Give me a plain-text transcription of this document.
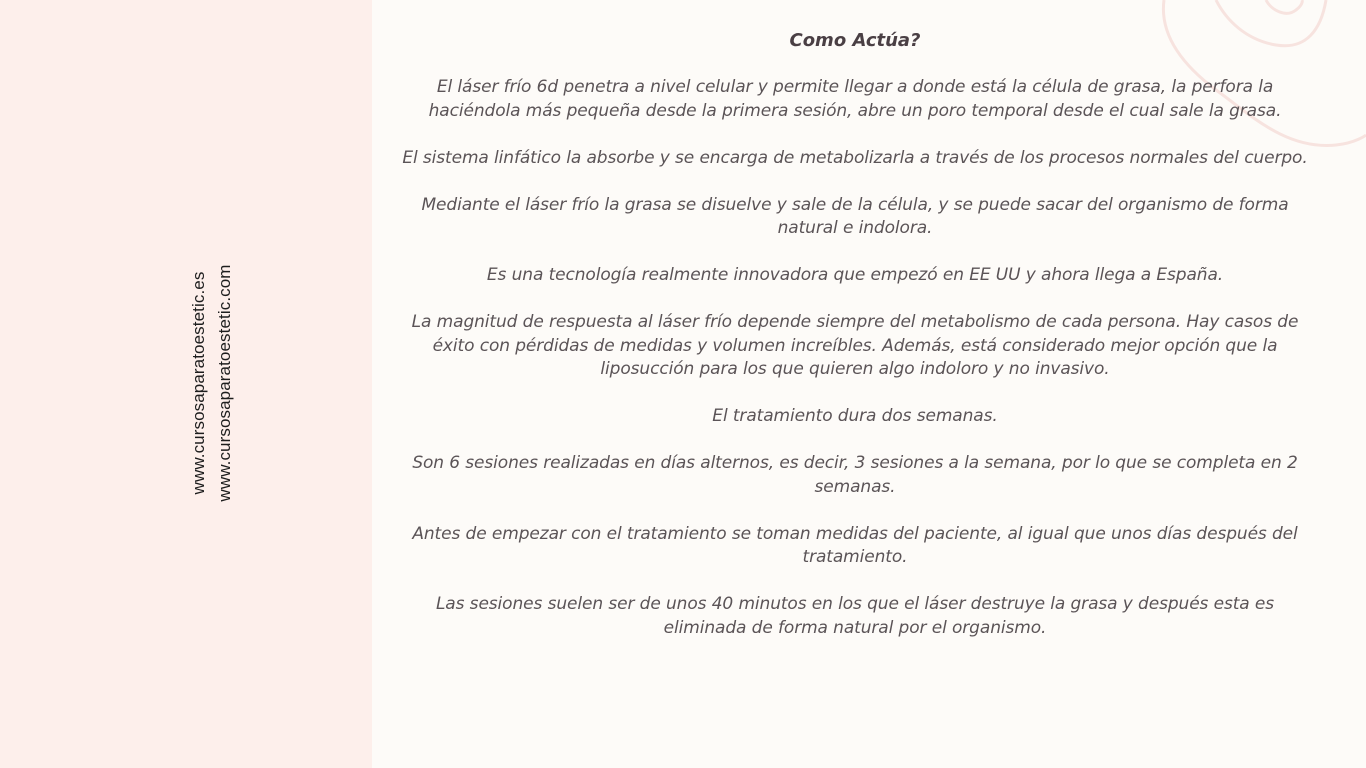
www.cursosaparatoestetic.es www.cursosaparatoestetic.com
Como Actúa?

El láser frío 6d penetra a nivel celular y permite llegar a donde está la célula de grasa, la perfora la haciéndola más pequeña desde la primera sesión, abre un poro temporal desde el cual sale la grasa.

El sistema linfático la absorbe y se encarga de metabolizarla a través de los procesos normales del cuerpo.

Mediante el láser frío la grasa se disuelve y sale de la célula, y se puede sacar del organismo de forma natural e indolora.

Es una tecnología realmente innovadora que empezó en EE UU y ahora llega a España.

La magnitud de respuesta al láser frío depende siempre del metabolismo de cada persona. Hay casos de éxito con pérdidas de medidas y volumen increíbles. Además, está considerado mejor opción que la liposucción para los que quieren algo indoloro y no invasivo.

El tratamiento dura dos semanas.

Son 6 sesiones realizadas en días alternos, es decir, 3 sesiones a la semana, por lo que se completa en 2 semanas.

Antes de empezar con el tratamiento se toman medidas del paciente, al igual que unos días después del tratamiento.

Las sesiones suelen ser de unos 40 minutos en los que el láser destruye la grasa y después esta es eliminada de forma natural por el organismo.
